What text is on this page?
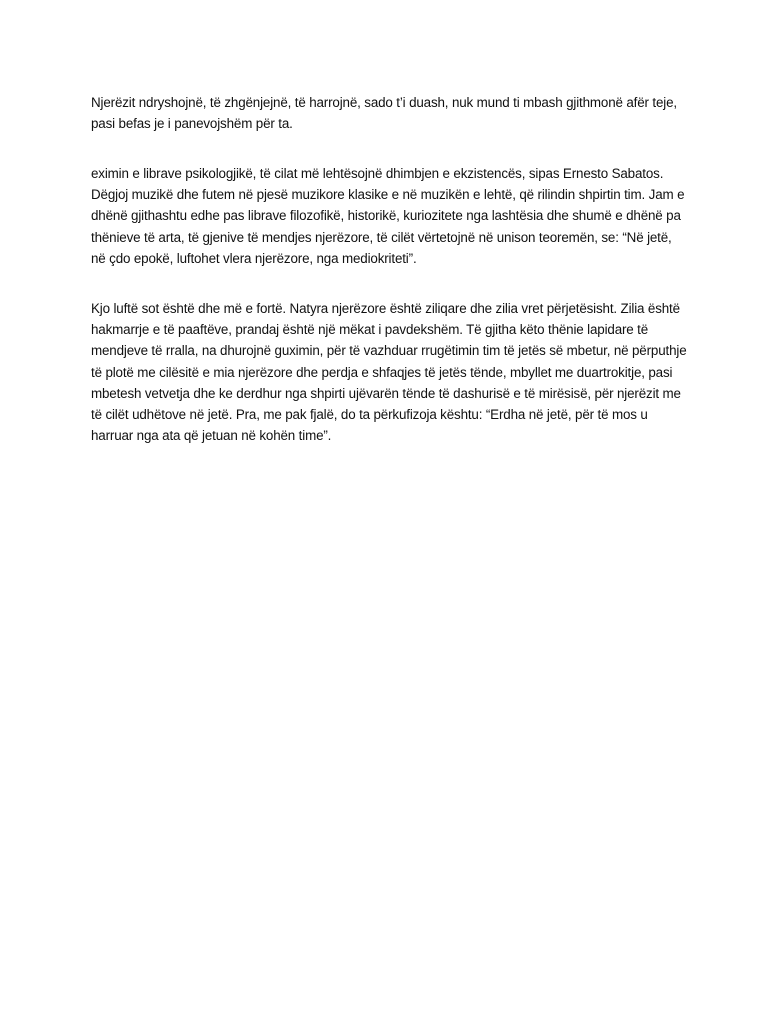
Njerëzit ndryshojnë, të zhgënjejnë, të harrojnë, sado t’i duash, nuk mund ti mbash gjithmonë afër teje, pasi befas je i panevojshëm për ta.

eximin e librave psikologjikë, të cilat më lehtësojnë dhimbjen e ekzistencës, sipas Ernesto Sabatos. Dëgjoj muzikë dhe futem në pjesë muzikore klasike e në muzikën e lehtë, që rilindin shpirtin tim. Jam e dhënë gjithashtu edhe pas librave filozofikë, historikë, kuriozitete nga lashtësia dhe shumë e dhënë pa thënieve të arta, të gjenive të mendjes njerëzore, të cilët vërtetojnë në unison teoremën, se: “Në jetë, në çdo epokë, luftohet vlera njerëzore, nga mediokriteti”.

Kjo luftë sot është dhe më e fortë. Natyra njerëzore është ziliqare dhe zilia vret përjetësisht. Zilia është hakmarrje e të paaftëve, prandaj është një mëkat i pavdekshëm. Të gjitha këto thënie lapidare të mendjeve të rralla, na dhurojnë guximin, për të vazhduar rrugëtimin tim të jetës së mbetur, në përputhje të plotë me cilësitë e mia njerëzore dhe perdja e shfaqjes të jetës tënde, mbyllet me duartrokitje, pasi mbetesh vetvetja dhe ke derdhur nga shpirti ujëvarën tënde të dashurisë e të mirësisë, për njerëzit me të cilët udhëtove në jetë. Pra, me pak fjalë, do ta përkufizoja kështu: “Erdha në jetë, për të mos u harruar nga ata që jetuan në kohën time”.
